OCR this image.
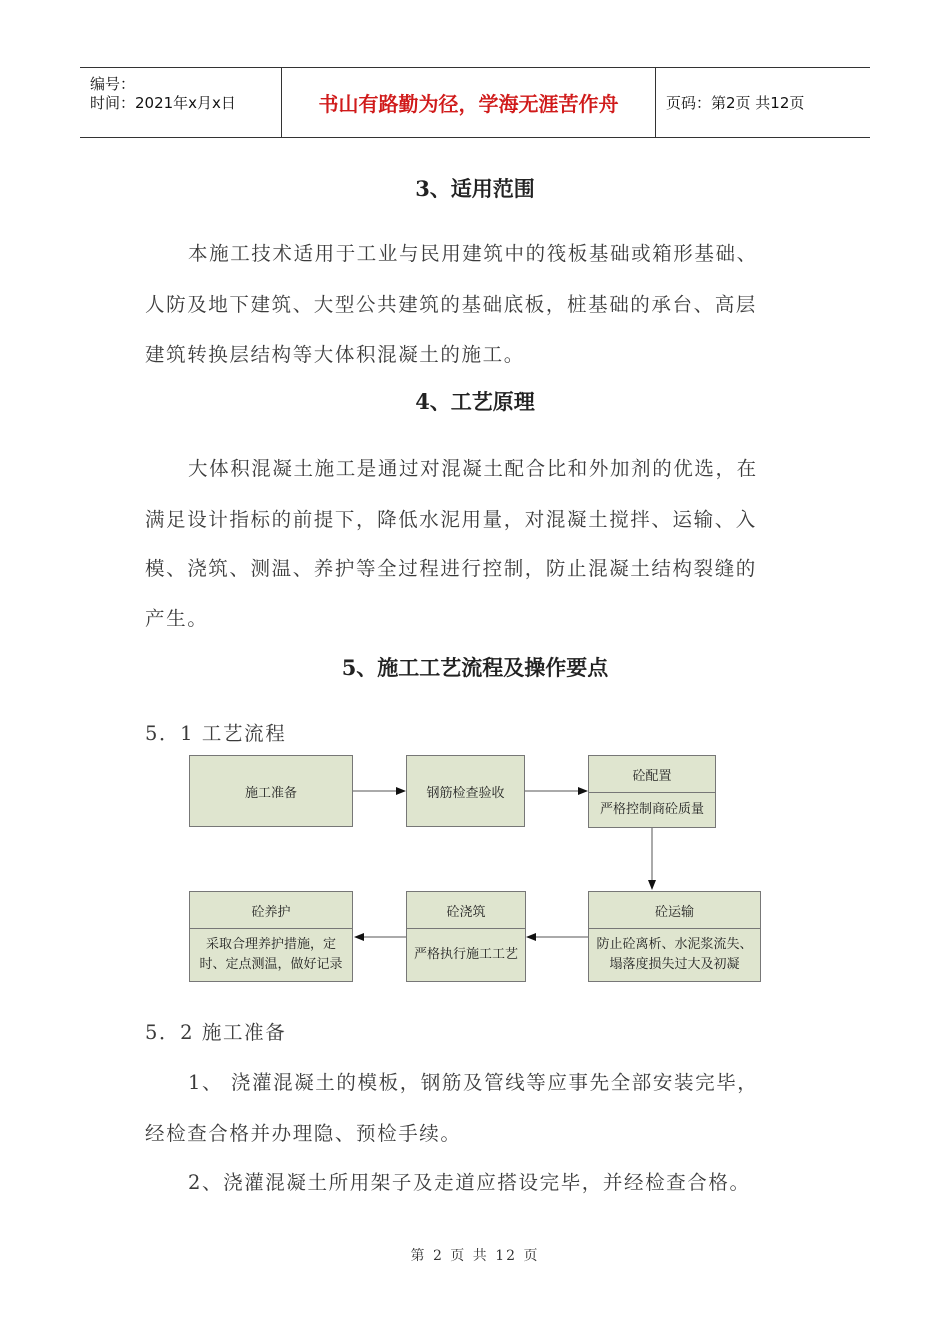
编号：
时间：2021年x月x日	书山有路勤为径，学海无涯苦作舟	页码：第2页 共12页
3、适用范围
本施工技术适用于工业与民用建筑中的筏板基础或箱形基础、
人防及地下建筑、大型公共建筑的基础底板，桩基础的承台、高层
建筑转换层结构等大体积混凝土的施工。
4、工艺原理
大体积混凝土施工是通过对混凝土配合比和外加剂的优选，在
满足设计指标的前提下，降低水泥用量，对混凝土搅拌、运输、入
模、浇筑、测温、养护等全过程进行控制，防止混凝土结构裂缝的
产生。
5、施工工艺流程及操作要点
5．1 工艺流程
施工准备	钢筋检查验收
砼配置
严格控制商砼质量
砼养护
采取合理养护措施，定时、定点测温，做好记录
砼浇筑
严格执行施工工艺
砼运输
防止砼离析、水泥浆流失、塌落度损失过大及初凝
5．2 施工准备
1、 浇灌混凝土的模板，钢筋及管线等应事先全部安装完毕，
经检查合格并办理隐、预检手续。
2、浇灌混凝土所用架子及走道应搭设完毕，并经检查合格。
第 2 页 共 12 页
